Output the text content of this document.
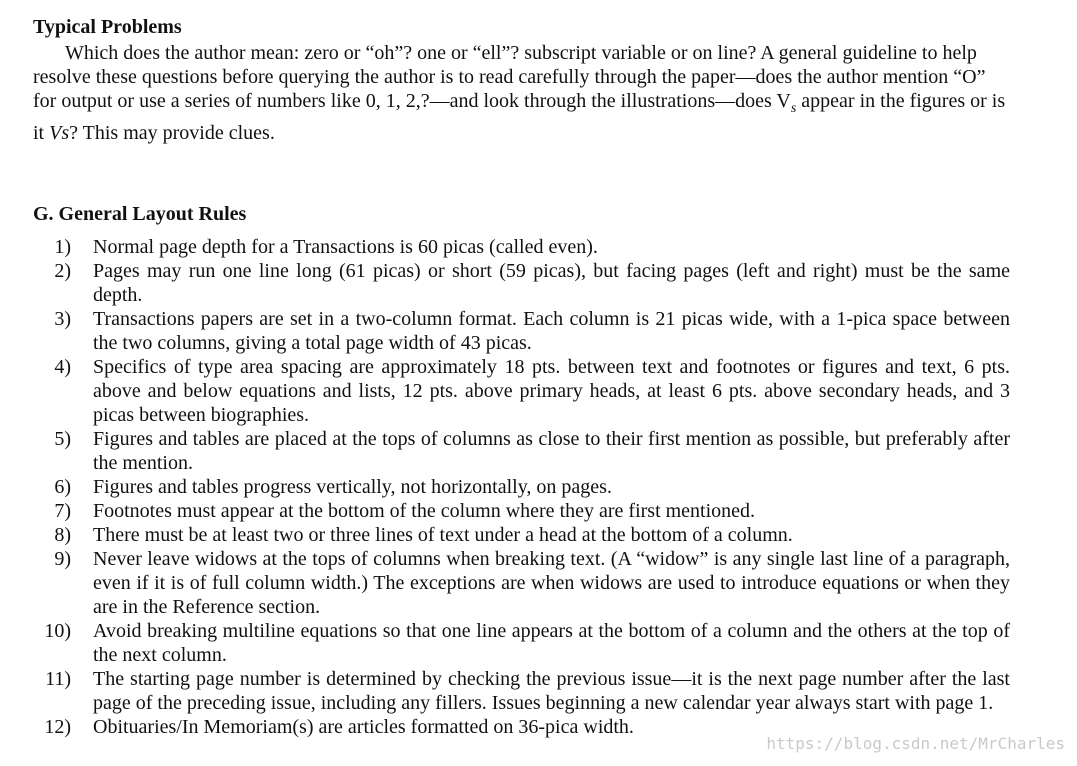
Typical Problems

Which does the author mean: zero or “oh”? one or “ell”? subscript variable or on line? A general guideline to help resolve these questions before querying the author is to read carefully through the paper—does the author mention “O” for output or use a series of numbers like 0, 1, 2,?—and look through the illustrations—does $V_s$ appear in the figures or is it Vs? This may provide clues.

G. General Layout Rules
1) Normal page depth for a Transactions is 60 picas (called even).
2) Pages may run one line long (61 picas) or short (59 picas), but facing pages (left and right) must be the same depth.
3) Transactions papers are set in a two-column format. Each column is 21 picas wide, with a 1-pica space between the two columns, giving a total page width of 43 picas.
4) Specifics of type area spacing are approximately 18 pts. between text and footnotes or figures and text, 6 pts. above and below equations and lists, 12 pts. above primary heads, at least 6 pts. above secondary heads, and 3 picas between biographies.
5) Figures and tables are placed at the tops of columns as close to their first mention as possible, but preferably after the mention.
6) Figures and tables progress vertically, not horizontally, on pages.
7) Footnotes must appear at the bottom of the column where they are first mentioned.
8) There must be at least two or three lines of text under a head at the bottom of a column.
9) Never leave widows at the tops of columns when breaking text. (A “widow” is any single last line of a paragraph, even if it is of full column width.) The exceptions are when widows are used to introduce equations or when they are in the Reference section.
10) Avoid breaking multiline equations so that one line appears at the bottom of a column and the others at the top of the next column.
11) The starting page number is determined by checking the previous issue—it is the next page number after the last page of the preceding issue, including any fillers. Issues beginning a new calendar year always start with page 1.
12) Obituaries/In Memoriam(s) are articles formatted on 36-pica width.
https://blog.csdn.net/MrCharles
